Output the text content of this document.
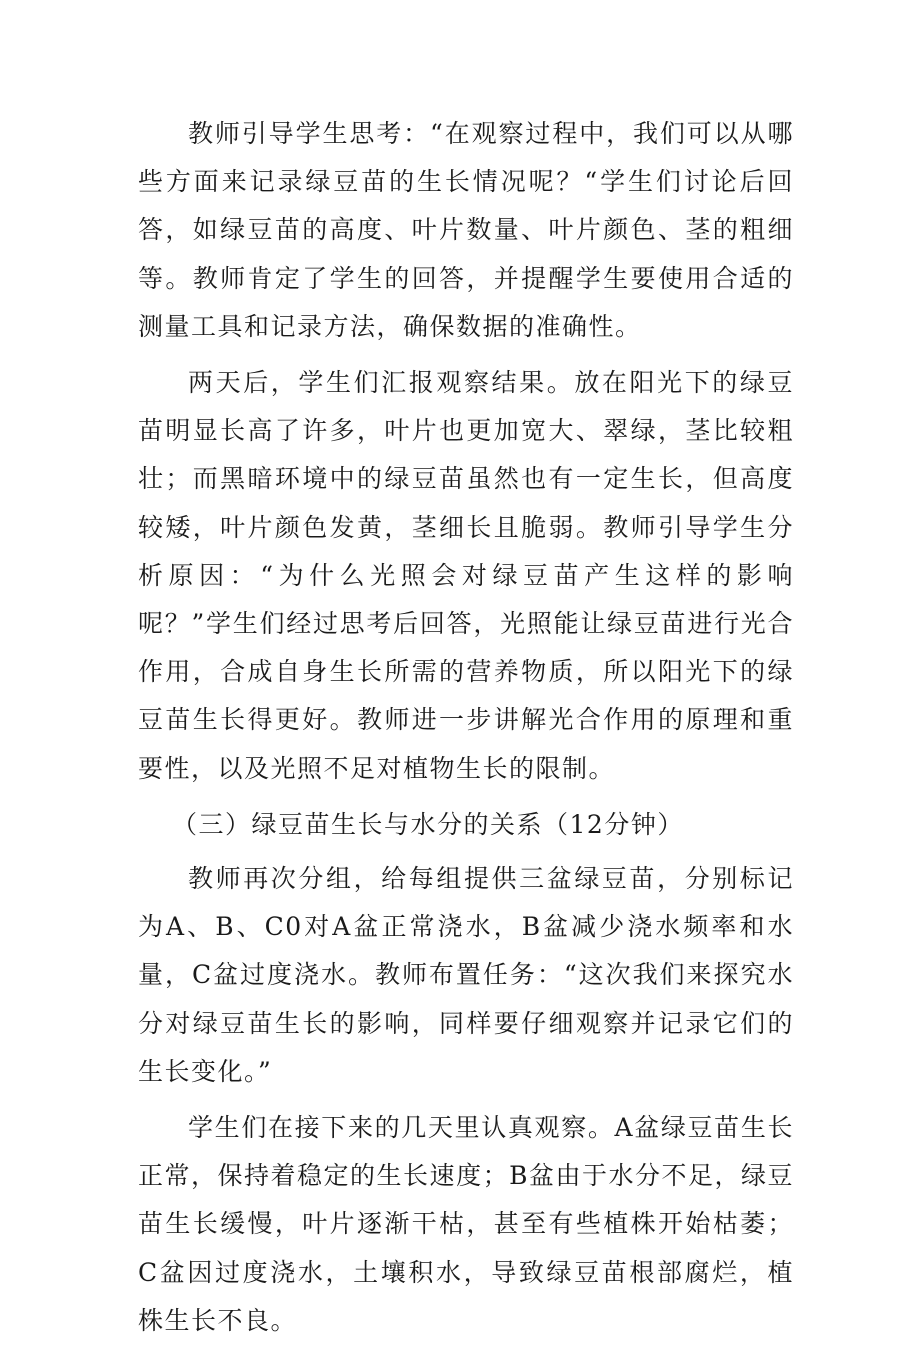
教师引导学生思考：“在观察过程中，我们可以从哪些方面来记录绿豆苗的生长情况呢？“学生们讨论后回答，如绿豆苗的高度、叶片数量、叶片颜色、茎的粗细等。教师肯定了学生的回答，并提醒学生要使用合适的测量工具和记录方法，确保数据的准确性。

两天后，学生们汇报观察结果。放在阳光下的绿豆苗明显长高了许多，叶片也更加宽大、翠绿，茎比较粗壮；而黑暗环境中的绿豆苗虽然也有一定生长，但高度较矮，叶片颜色发黄，茎细长且脆弱。教师引导学生分析原因：“为什么光照会对绿豆苗产生这样的影响呢？”学生们经过思考后回答，光照能让绿豆苗进行光合作用，合成自身生长所需的营养物质，所以阳光下的绿豆苗生长得更好。教师进一步讲解光合作用的原理和重要性，以及光照不足对植物生长的限制。

（三）绿豆苗生长与水分的关系（12分钟）

教师再次分组，给每组提供三盆绿豆苗，分别标记为A、B、C0对A盆正常浇水，B盆减少浇水频率和水量，C盆过度浇水。教师布置任务：“这次我们来探究水分对绿豆苗生长的影响，同样要仔细观察并记录它们的生长变化。”

学生们在接下来的几天里认真观察。A盆绿豆苗生长正常，保持着稳定的生长速度；B盆由于水分不足，绿豆苗生长缓慢，叶片逐渐干枯，甚至有些植株开始枯萎；C盆因过度浇水，土壤积水，导致绿豆苗根部腐烂，植株生长不良。
